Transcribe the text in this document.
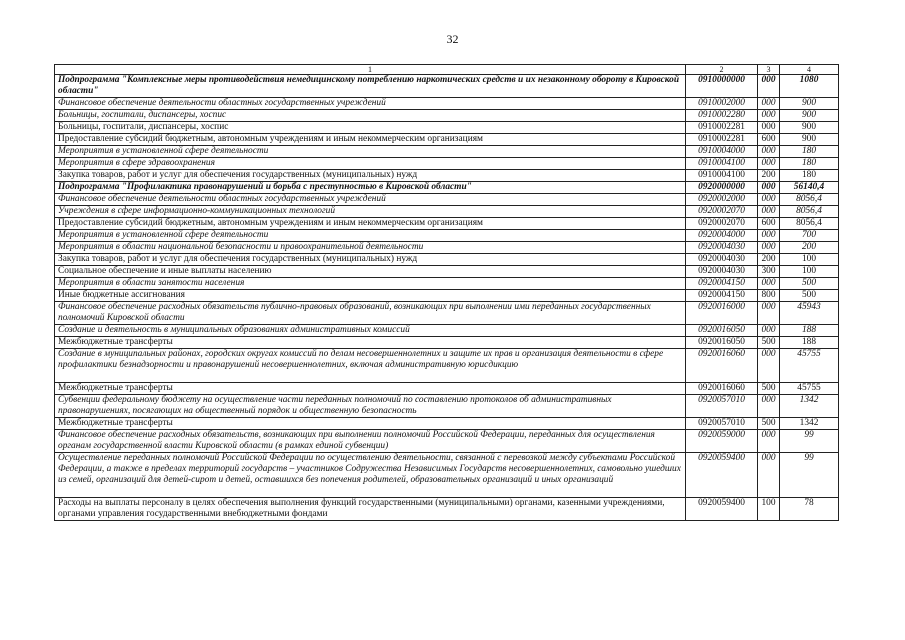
32
1	2	3	4
Подпрограмма "Комплексные меры противодействия немедицинскому потреблению наркотических средств и их незаконному обороту в Кировской области"	0910000000	000	1080
Финансовое обеспечение деятельности областных государственных учреждений	0910002000	000	900
Больницы, госпитали, диспансеры, хоспис	0910002280	000	900
Больницы, госпитали, диспансеры, хоспис	0910002281	000	900
Предоставление субсидий бюджетным, автономным учреждениям и иным некоммерческим организациям	0910002281	600	900
Мероприятия в установленной сфере деятельности	0910004000	000	180
Мероприятия в сфере здравоохранения	0910004100	000	180
Закупка товаров, работ и услуг для обеспечения государственных (муниципальных) нужд	0910004100	200	180
Подпрограмма "Профилактика правонарушений и борьба с преступностью в Кировской области"	0920000000	000	56140,4
Финансовое обеспечение деятельности областных государственных учреждений	0920002000	000	8056,4
Учреждения в сфере информационно-коммуникационных технологий	0920002070	000	8056,4
Предоставление субсидий бюджетным, автономным учреждениям и иным некоммерческим организациям	0920002070	600	8056,4
Мероприятия в установленной сфере деятельности	0920004000	000	700
Мероприятия в области национальной безопасности и правоохранительной деятельности	0920004030	000	200
Закупка товаров, работ и услуг для обеспечения государственных (муниципальных) нужд	0920004030	200	100
Социальное обеспечение и иные выплаты населению	0920004030	300	100
Мероприятия в области занятости населения	0920004150	000	500
Иные бюджетные ассигнования	0920004150	800	500
Финансовое обеспечение расходных обязательств публично-правовых образований, возникающих при выполнении ими переданных государственных полномочий Кировской области	0920016000	000	45943
Создание и деятельность в муниципальных образованиях административных комиссий	0920016050	000	188
Межбюджетные трансферты	0920016050	500	188
Создание в муниципальных районах, городских округах комиссий по делам несовершеннолетних и защите их прав и организация деятельности в сфере профилактики безнадзорности и правонарушений несовершеннолетних, включая административную юрисдикцию	0920016060	000	45755
Межбюджетные трансферты	0920016060	500	45755
Субвенции федеральному бюджету на осуществление части переданных полномочий по составлению протоколов об административных правонарушениях, посягающих на общественный порядок и общественную безопасность	0920057010	000	1342
Межбюджетные трансферты	0920057010	500	1342
Финансовое обеспечение расходных обязательств, возникающих при выполнении полномочий Российской Федерации, переданных для осуществления органам государственной власти Кировской области (в рамках единой субвенции)	0920059000	000	99
Осуществление переданных полномочий Российской Федерации по осуществлению деятельности, связанной с перевозкой между субъектами Российской Федерации, а также в пределах территорий государств – участников Содружества Независимых Государств несовершеннолетних, самовольно ушедших из семей, организаций для детей-сирот и детей, оставшихся без попечения родителей, образовательных организаций и иных организаций	0920059400	000	99
Расходы на выплаты персоналу в целях обеспечения выполнения функций государственными (муниципальными) органами, казенными учреждениями, органами управления государственными внебюджетными фондами	0920059400	100	78
